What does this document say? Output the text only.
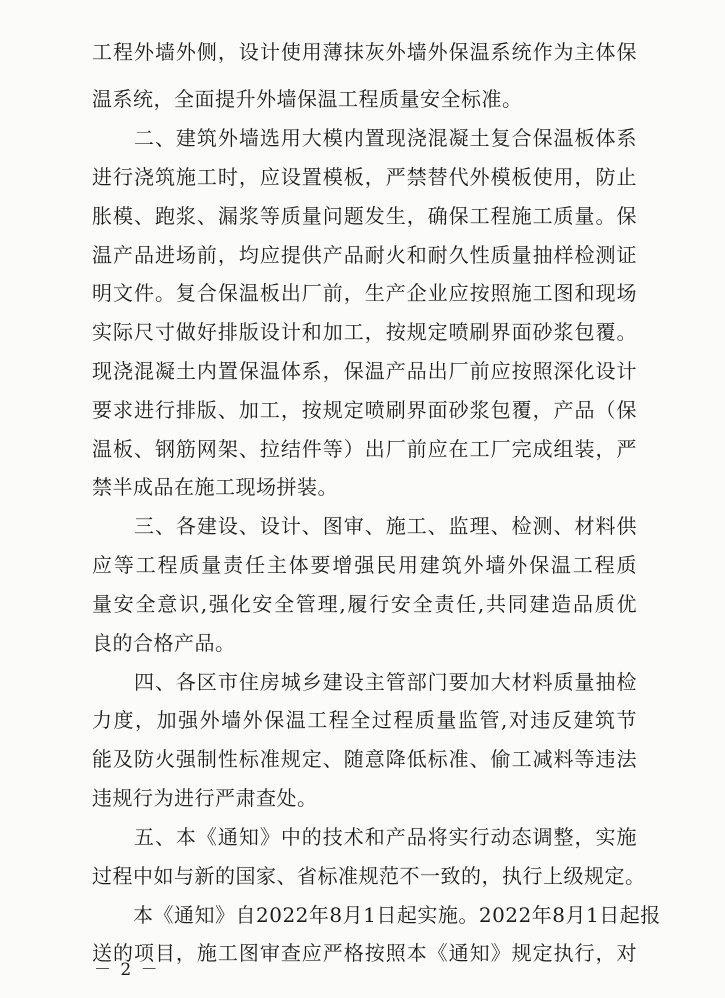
工程外墙外侧，设计使用薄抹灰外墙外保温系统作为主体保
温系统，全面提升外墙保温工程质量安全标准。
　　二、建筑外墙选用大模内置现浇混凝土复合保温板体系
进行浇筑施工时，应设置模板，严禁替代外模板使用，防止
胀模、跑浆、漏浆等质量问题发生，确保工程施工质量。保
温产品进场前，均应提供产品耐火和耐久性质量抽样检测证
明文件。复合保温板出厂前，生产企业应按照施工图和现场
实际尺寸做好排版设计和加工，按规定喷刷界面砂浆包覆。
现浇混凝土内置保温体系，保温产品出厂前应按照深化设计
要求进行排版、加工，按规定喷刷界面砂浆包覆，产品（保
温板、钢筋网架、拉结件等）出厂前应在工厂完成组装，严
禁半成品在施工现场拼装。
　　三、各建设、设计、图审、施工、监理、检测、材料供
应等工程质量责任主体要增强民用建筑外墙外保温工程质
量安全意识,强化安全管理,履行安全责任,共同建造品质优
良的合格产品。
　　四、各区市住房城乡建设主管部门要加大材料质量抽检
力度，加强外墙外保温工程全过程质量监管,对违反建筑节
能及防火强制性标准规定、随意降低标准、偷工减料等违法
违规行为进行严肃查处。
　　五、本《通知》中的技术和产品将实行动态调整，实施
过程中如与新的国家、省标准规范不一致的，执行上级规定。
　　本《通知》自2022年8月1日起实施。2022年8月1日起报
送的项目，施工图审查应严格按照本《通知》规定执行，对
－ 2 －
